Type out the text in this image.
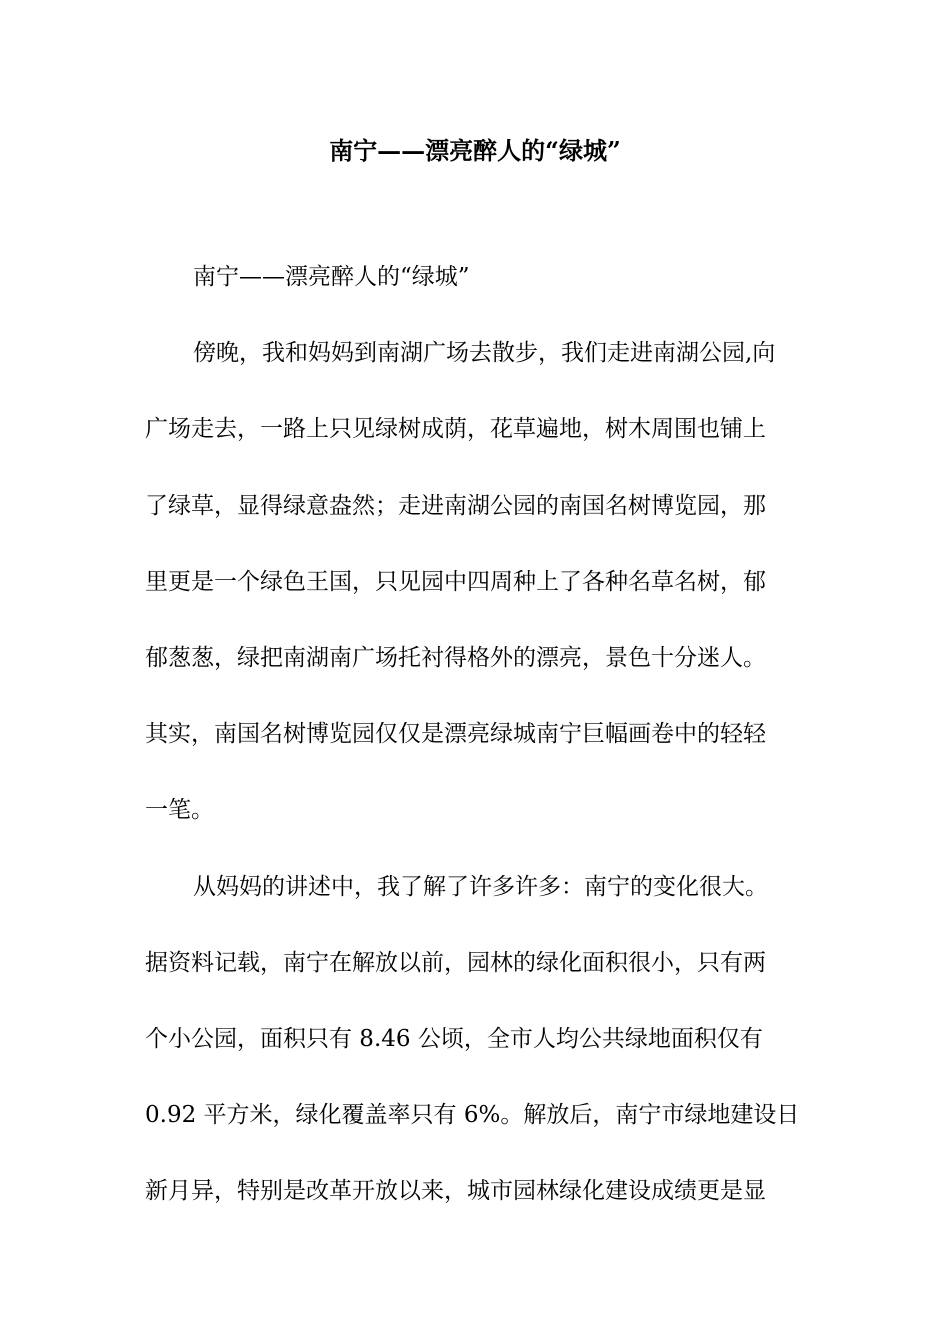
南宁——漂亮醉人的“绿城”
南宁——漂亮醉人的“绿城”
傍晚，我和妈妈到南湖广场去散步，我们走进南湖公园,向
广场走去，一路上只见绿树成荫，花草遍地，树木周围也铺上
了绿草，显得绿意盎然；走进南湖公园的南国名树博览园，那
里更是一个绿色王国，只见园中四周种上了各种名草名树，郁
郁葱葱，绿把南湖南广场托衬得格外的漂亮，景色十分迷人。
其实，南国名树博览园仅仅是漂亮绿城南宁巨幅画卷中的轻轻
一笔。
从妈妈的讲述中，我了解了许多许多：南宁的变化很大。
据资料记载，南宁在解放以前，园林的绿化面积很小，只有两
个小公园，面积只有 8.46 公顷，全市人均公共绿地面积仅有
0.92 平方米，绿化覆盖率只有 6%。解放后，南宁市绿地建设日
新月异，特别是改革开放以来，城市园林绿化建设成绩更是显
